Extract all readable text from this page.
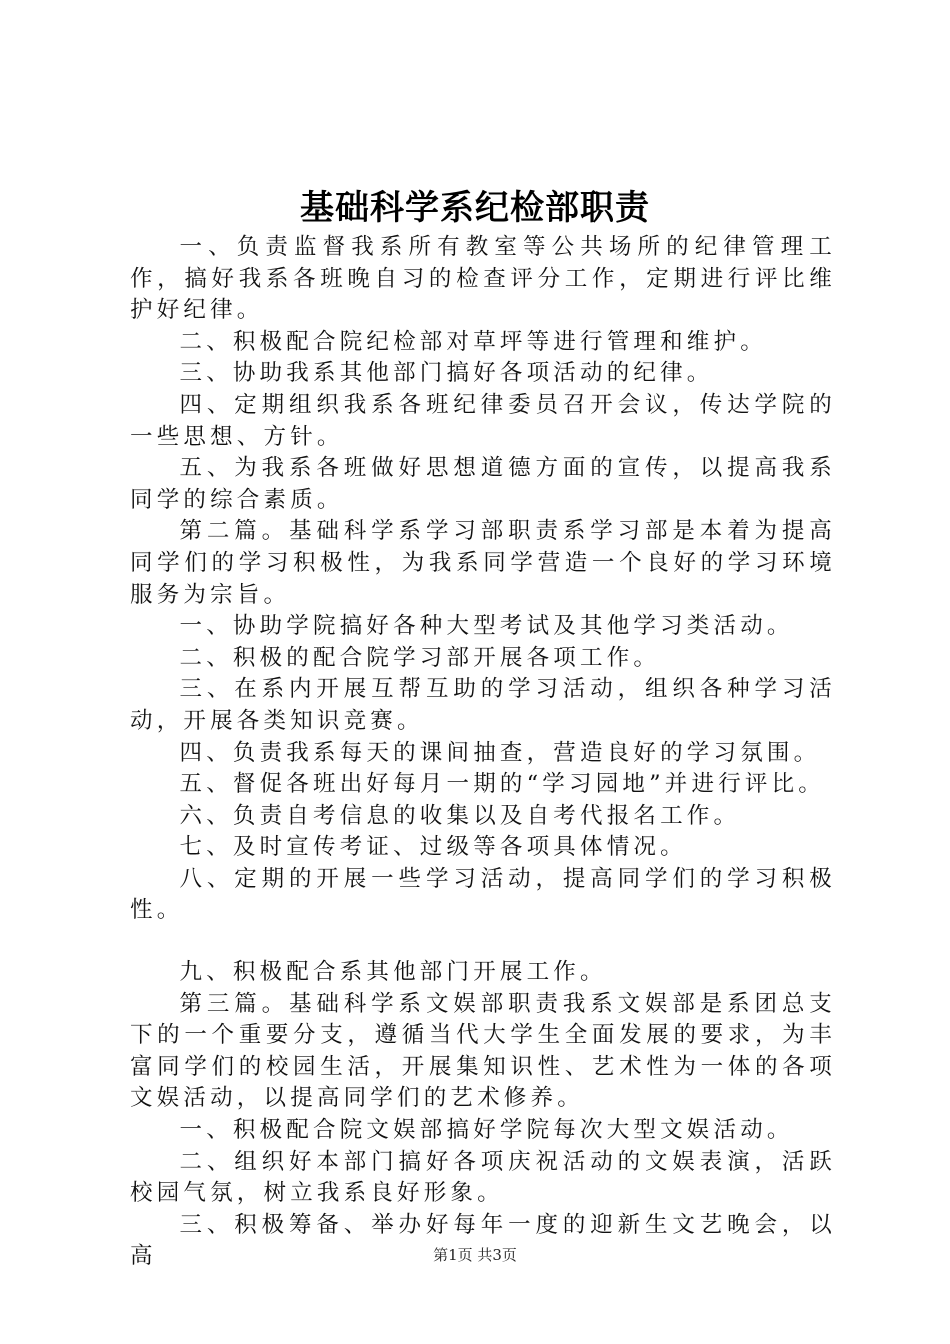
基础科学系纪检部职责

一、负责监督我系所有教室等公共场所的纪律管理工作，搞好我系各班晚自习的检查评分工作，定期进行评比维护好纪律。

二、积极配合院纪检部对草坪等进行管理和维护。

三、协助我系其他部门搞好各项活动的纪律。

四、定期组织我系各班纪律委员召开会议，传达学院的一些思想、方针。

五、为我系各班做好思想道德方面的宣传，以提高我系同学的综合素质。

第二篇。基础科学系学习部职责系学习部是本着为提高同学们的学习积极性，为我系同学营造一个良好的学习环境服务为宗旨。

一、协助学院搞好各种大型考试及其他学习类活动。

二、积极的配合院学习部开展各项工作。

三、在系内开展互帮互助的学习活动，组织各种学习活动，开展各类知识竞赛。

四、负责我系每天的课间抽查，营造良好的学习氛围。

五、督促各班出好每月一期的“学习园地”并进行评比。

六、负责自考信息的收集以及自考代报名工作。

七、及时宣传考证、过级等各项具体情况。

八、定期的开展一些学习活动，提高同学们的学习积极性。

九、积极配合系其他部门开展工作。

第三篇。基础科学系文娱部职责我系文娱部是系团总支下的一个重要分支，遵循当代大学生全面发展的要求，为丰富同学们的校园生活，开展集知识性、艺术性为一体的各项文娱活动，以提高同学们的艺术修养。

一、积极配合院文娱部搞好学院每次大型文娱活动。

二、组织好本部门搞好各项庆祝活动的文娱表演，活跃校园气氛，树立我系良好形象。

三、积极筹备、举办好每年一度的迎新生文艺晚会，以高	第1页 共3页
